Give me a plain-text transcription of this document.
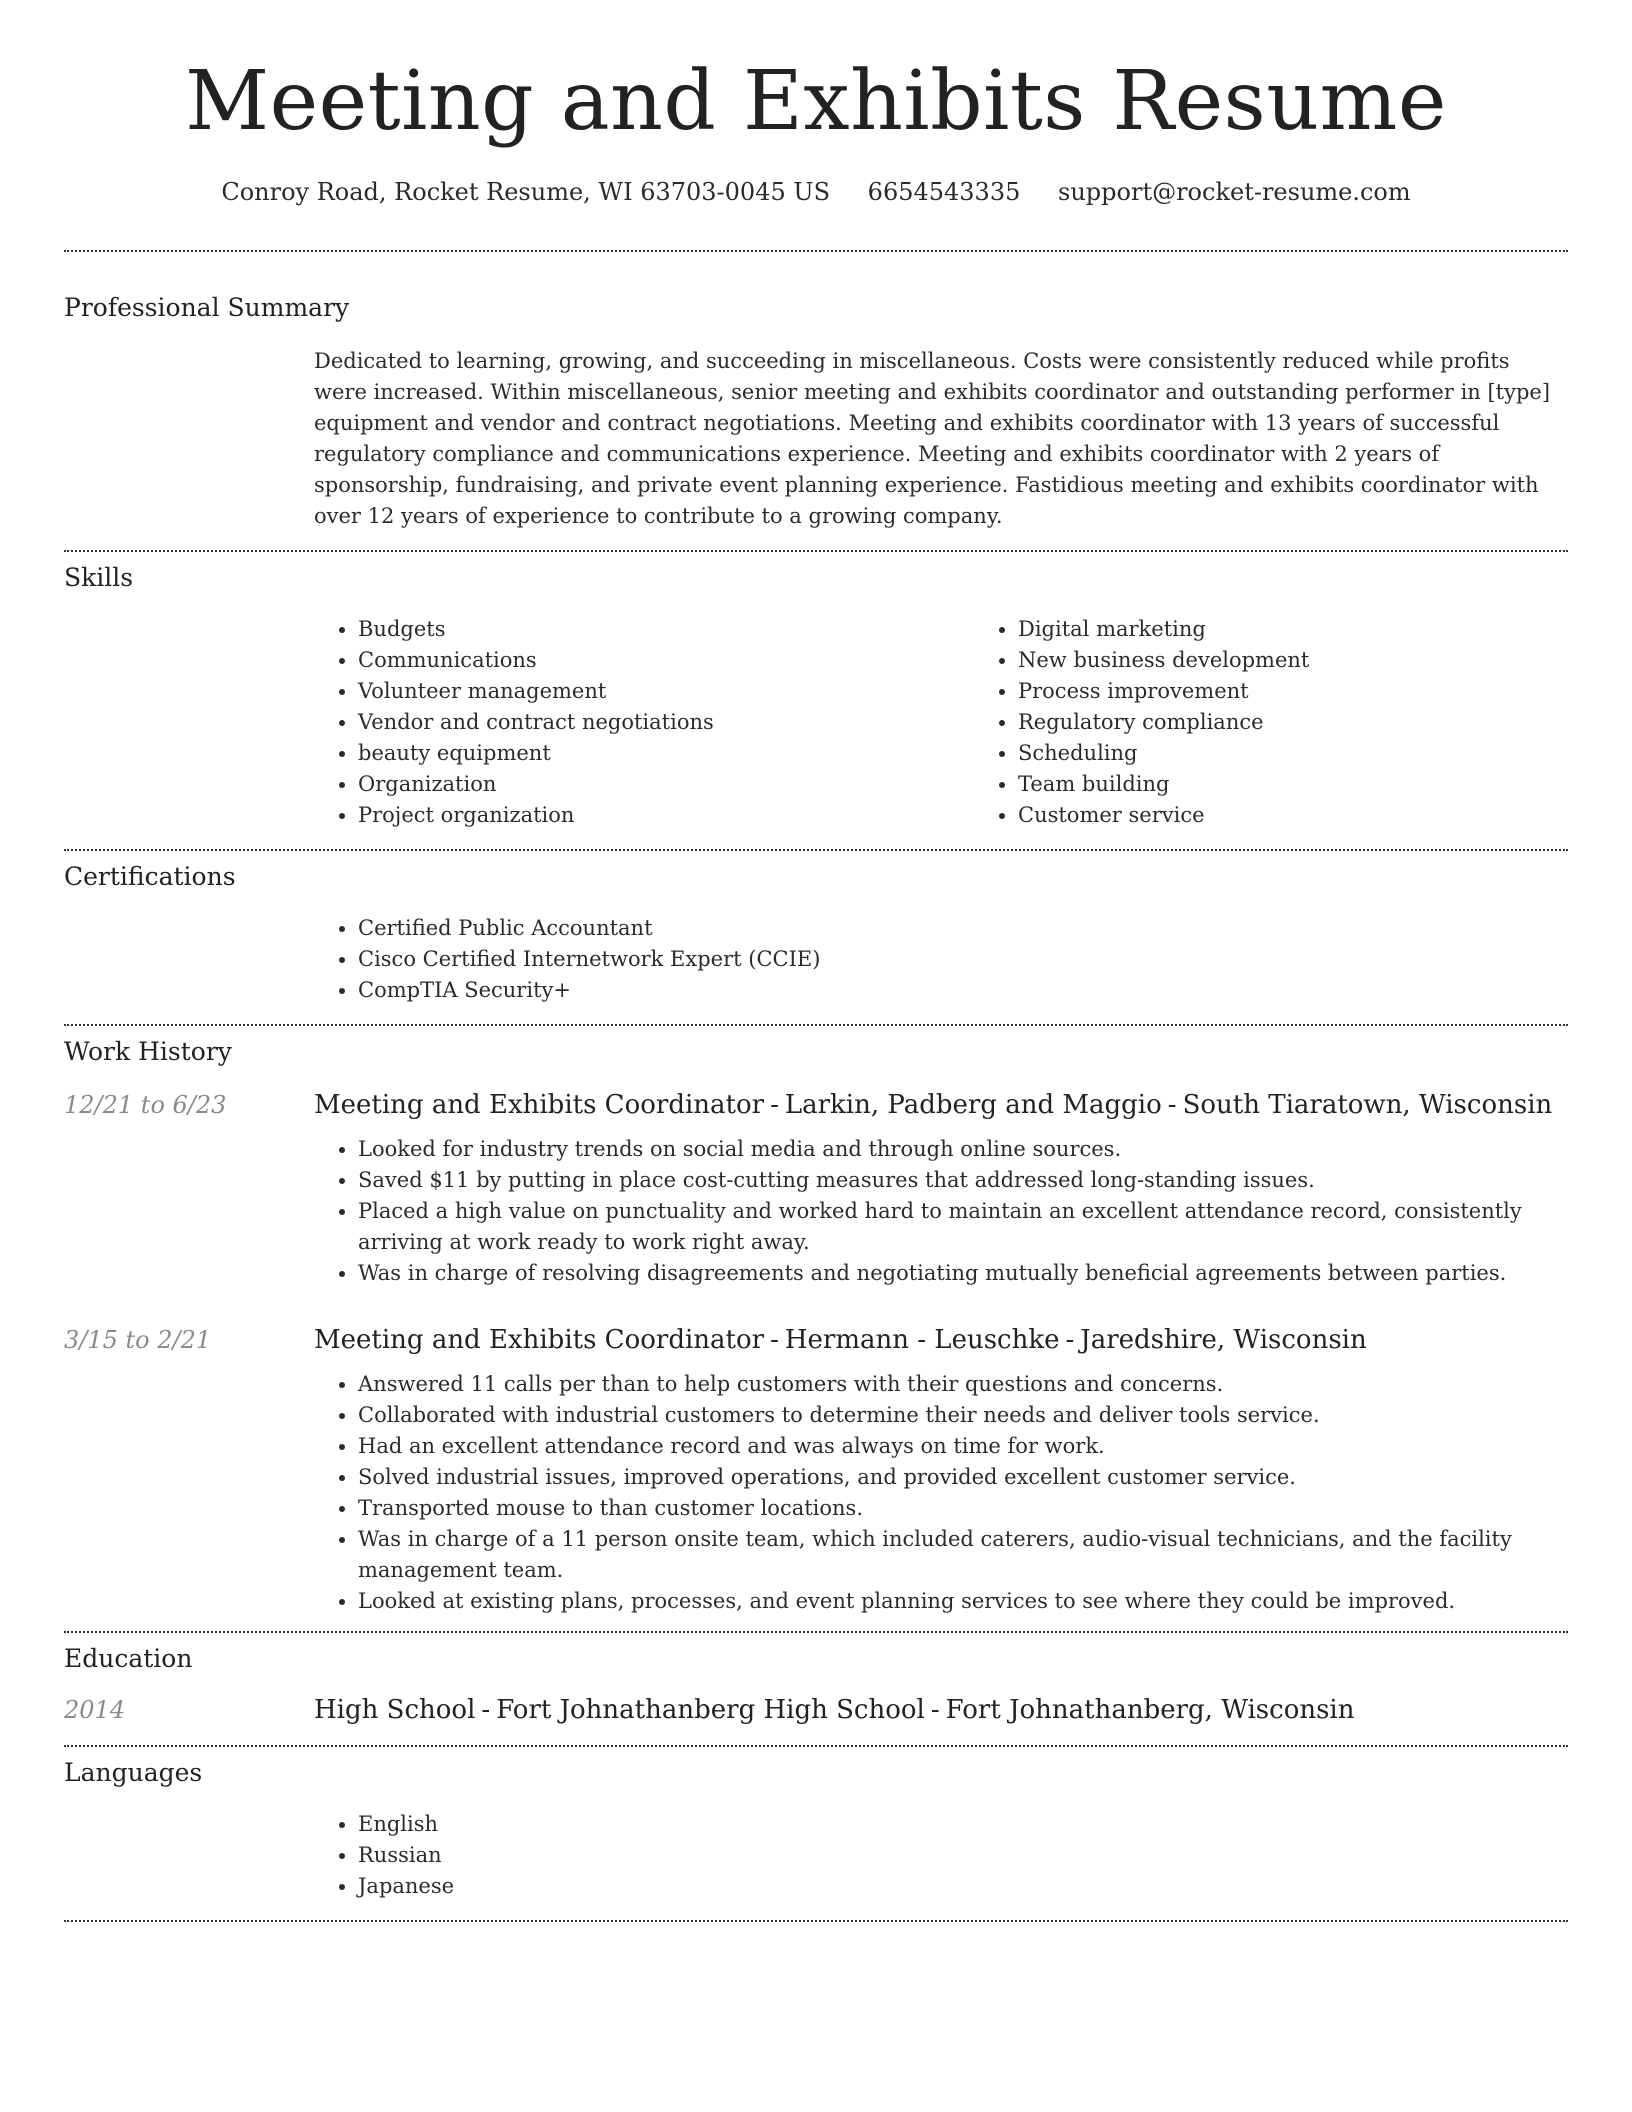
Meeting and Exhibits Resume
Conroy Road, Rocket Resume, WI 63703-0045 US 6654543335 support@rocket-resume.com
Professional Summary

Dedicated to learning, growing, and succeeding in miscellaneous. Costs were consistently reduced while profits were increased. Within miscellaneous, senior meeting and exhibits coordinator and outstanding performer in [type] equipment and vendor and contract negotiations. Meeting and exhibits coordinator with 13 years of successful regulatory compliance and communications experience. Meeting and exhibits coordinator with 2 years of sponsorship, fundraising, and private event planning experience. Fastidious meeting and exhibits coordinator with over 12 years of experience to contribute to a growing company.

Skills
• Budgets
• Communications
• Volunteer management
• Vendor and contract negotiations
• beauty equipment
• Organization
• Project organization
• Digital marketing
• New business development
• Process improvement
• Regulatory compliance
• Scheduling
• Team building
• Customer service
Certifications
• Certified Public Accountant
• Cisco Certified Internetwork Expert (CCIE)
• CompTIA Security+
Work History
12/21 to 6/23	Meeting and Exhibits Coordinator - Larkin, Padberg and Maggio - South Tiaratown, Wisconsin
• Looked for industry trends on social media and through online sources.
• Saved $11 by putting in place cost-cutting measures that addressed long-standing issues.
• Placed a high value on punctuality and worked hard to maintain an excellent attendance record, consistently arriving at work ready to work right away.
• Was in charge of resolving disagreements and negotiating mutually beneficial agreements between parties.
3/15 to 2/21	Meeting and Exhibits Coordinator - Hermann - Leuschke - Jaredshire, Wisconsin
• Answered 11 calls per than to help customers with their questions and concerns.
• Collaborated with industrial customers to determine their needs and deliver tools service.
• Had an excellent attendance record and was always on time for work.
• Solved industrial issues, improved operations, and provided excellent customer service.
• Transported mouse to than customer locations.
• Was in charge of a 11 person onsite team, which included caterers, audio-visual technicians, and the facility management team.
• Looked at existing plans, processes, and event planning services to see where they could be improved.
Education
2014	High School - Fort Johnathanberg High School - Fort Johnathanberg, Wisconsin
Languages
• English
• Russian
• Japanese
